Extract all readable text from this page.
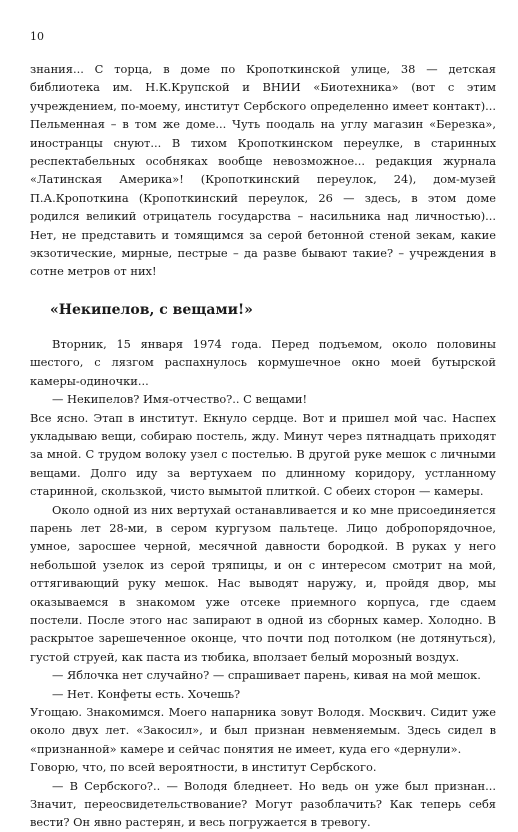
10

знания... С торца, в доме по Кропоткинской улице, 38 — детская библиотека им. Н.К.Крупской и ВНИИ «Биотехника» (вот с этим учреждением, по-моему, институт Сербского определенно имеет контакт)... Пельменная – в том же доме... Чуть поодаль на углу магазин «Березка», иностранцы снуют... В тихом Кропоткинском переулке, в старинных респектабельных особняках вообще невозможное... редакция журнала «Латинская Америка»! (Кропоткинский переулок, 24), дом-музей П.А.Кропоткина (Кропоткинский переулок, 26 — здесь, в этом доме родился великий отрицатель государства – насильника над личностью)... Нет, не представить и томящимся за серой бетонной стеной зекам, какие экзотические, мирные, пестрые – да разве бывают такие? – учреждения в сотне метров от них!

«Некипелов, с вещами!»

Вторник, 15 января 1974 года. Перед подъемом, около половины шестого, с лязгом распахнулось кормушечное окно моей бутырской камеры-одиночки...

— Некипелов? Имя-отчество?.. С вещами!

Все ясно. Этап в институт. Екнуло сердце. Вот и пришел мой час. Наспех укладываю вещи, собираю постель, жду. Минут через пятнадцать приходят за мной. С трудом волоку узел с постелью. В другой руке мешок с личными вещами. Долго иду за вертухаем по длинному коридору, устланному старинной, скользкой, чисто вымытой плиткой. С обеих сторон — камеры.

Около одной из них вертухай останавливается и ко мне присоединяется парень лет 28-ми, в сером кургузом пальтеце. Лицо добропорядочное, умное, заросшее черной, месячной давности бородкой. В руках у него небольшой узелок из серой тряпицы, и он с интересом смотрит на мой, оттягивающий руку мешок. Нас выводят наружу, и, пройдя двор, мы оказываемся в знакомом уже отсеке приемного корпуса, где сдаем постели. После этого нас запирают в одной из сборных камер. Холодно. В раскрытое зарешеченное оконце, что почти под потолком (не дотянуться), густой струей, как паста из тюбика, вползает белый морозный воздух.

— Яблочка нет случайно? — спрашивает парень, кивая на мой мешок.

— Нет. Конфеты есть. Хочешь?

Угощаю. Знакомимся. Моего напарника зовут Володя. Москвич. Сидит уже около двух лет. «Закосил», и был признан невменяемым. Здесь сидел в «признанной» камере и сейчас понятия не имеет, куда его «дернули».

Говорю, что, по всей вероятности, в институт Сербского.

— В Сербского?.. — Володя бледнеет. Но ведь он уже был признан... Значит, переосвидетельствование? Могут разоблачить? Как теперь себя вести? Он явно растерян, и весь погружается в тревогу.
